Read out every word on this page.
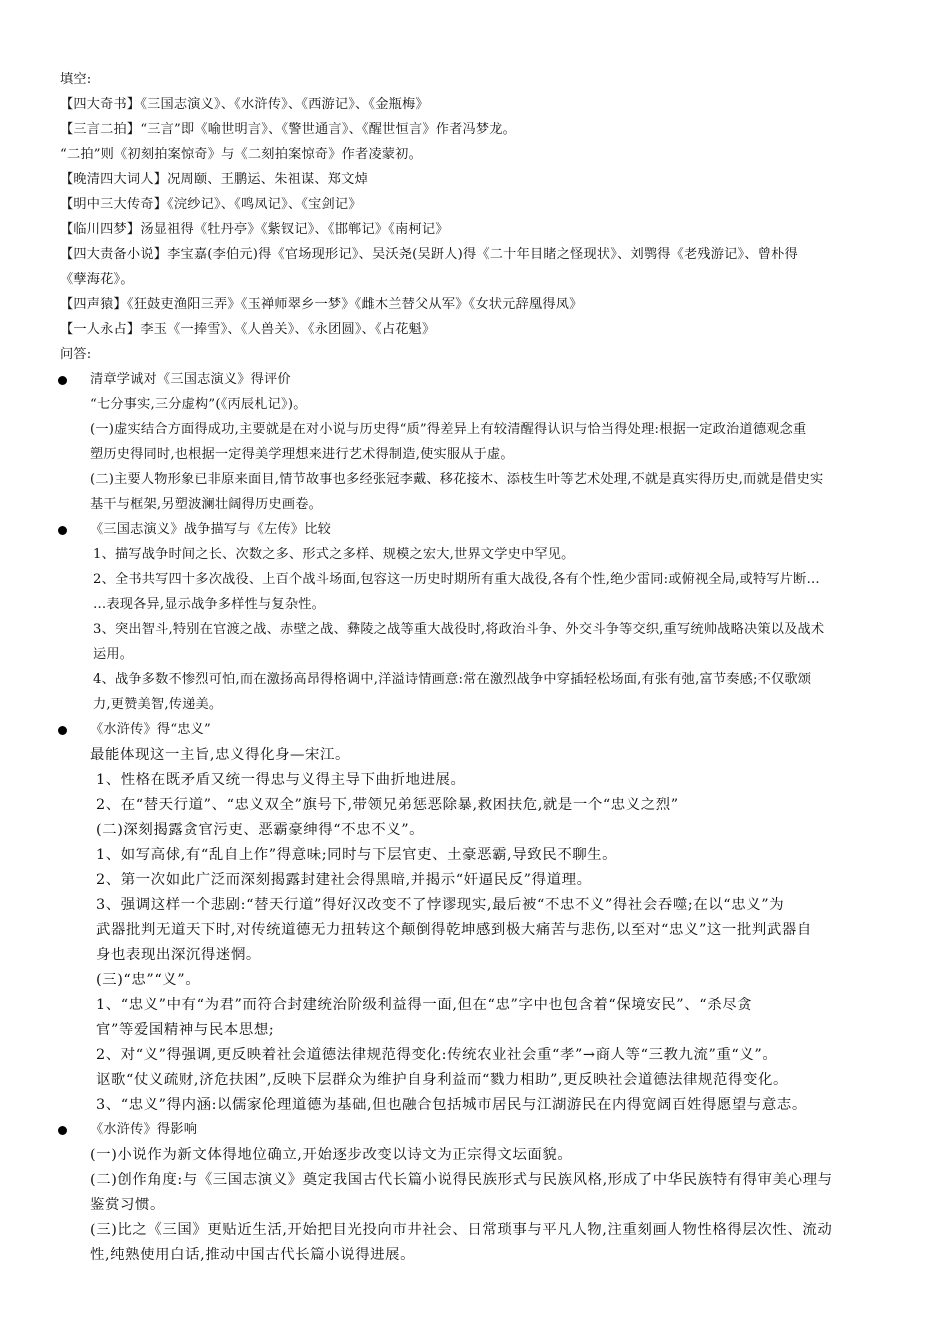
填空:
【四大奇书】《三国志演义》、《水浒传》、《西游记》、《金瓶梅》
【三言二拍】“三言”即《喻世明言》、《警世通言》、《醒世恒言》作者冯梦龙。
“二拍”则《初刻拍案惊奇》与《二刻拍案惊奇》作者凌蒙初。
【晚清四大词人】况周颐、王鹏运、朱祖谋、郑文焯
【明中三大传奇】《浣纱记》、《鸣凤记》、《宝剑记》
【临川四梦】汤显祖得《牡丹亭》《紫钗记》、《邯郸记》《南柯记》
【四大责备小说】李宝嘉(李伯元)得《官场现形记》、吴沃尧(吴趼人)得《二十年目睹之怪现状》、刘鹗得《老残游记》、曾朴得
《孽海花》。
【四声猿】《狂鼓吏渔阳三弄》《玉禅师翠乡一梦》《雌木兰替父从军》《女状元辞凰得凤》
【一人永占】李玉《一捧雪》、《人兽关》、《永团圆》、《占花魁》
问答:
清章学诚对《三国志演义》得评价
“七分事实,三分虚构”(《丙辰札记》)。
(一)虚实结合方面得成功,主要就是在对小说与历史得“质”得差异上有较清醒得认识与恰当得处理:根据一定政治道德观念重
塑历史得同时,也根据一定得美学理想来进行艺术得制造,使实服从于虚。
(二)主要人物形象已非原来面目,情节故事也多经张冠李戴、移花接木、添枝生叶等艺术处理,不就是真实得历史,而就是借史实
基干与框架,另塑波澜壮阔得历史画卷。
《三国志演义》战争描写与《左传》比较
1、描写战争时间之长、次数之多、形式之多样、规模之宏大,世界文学史中罕见。
2、全书共写四十多次战役、上百个战斗场面,包容这一历史时期所有重大战役,各有个性,绝少雷同:或俯视全局,或特写片断…
…表现各异,显示战争多样性与复杂性。
3、突出智斗,特别在官渡之战、赤壁之战、彝陵之战等重大战役时,将政治斗争、外交斗争等交织,重写统帅战略决策以及战术
运用。
4、战争多数不惨烈可怕,而在激扬高昂得格调中,洋溢诗情画意:常在激烈战争中穿插轻松场面,有张有弛,富节奏感;不仅歌颂
力,更赞美智,传递美。
《水浒传》得“忠义”
最能体现这一主旨,忠义得化身—宋江。
1、性格在既矛盾又统一得忠与义得主导下曲折地进展。
2、在“替天行道”、“忠义双全”旗号下,带领兄弟惩恶除暴,救困扶危,就是一个“忠义之烈”
(二)深刻揭露贪官污吏、恶霸豪绅得“不忠不义”。
1、如写高俅,有“乱自上作”得意味;同时与下层官吏、土豪恶霸,导致民不聊生。
2、第一次如此广泛而深刻揭露封建社会得黑暗,并揭示“奸逼民反”得道理。
3、强调这样一个悲剧:“替天行道”得好汉改变不了悖谬现实,最后被“不忠不义”得社会吞噬;在以“忠义”为
武器批判无道天下时,对传统道德无力扭转这个颠倒得乾坤感到极大痛苦与悲伤,以至对“忠义”这一批判武器自
身也表现出深沉得迷惘。
(三)“忠”“义”。
1、“忠义”中有“为君”而符合封建统治阶级利益得一面,但在“忠”字中也包含着“保境安民”、“杀尽贪
官”等爱国精神与民本思想;
2、对“义”得强调,更反映着社会道德法律规范得变化:传统农业社会重“孝”→商人等“三教九流”重“义”。
讴歌“仗义疏财,济危扶困”,反映下层群众为维护自身利益而“戮力相助”,更反映社会道德法律规范得变化。
3、“忠义”得内涵:以儒家伦理道德为基础,但也融合包括城市居民与江湖游民在内得宽阔百姓得愿望与意志。
《水浒传》得影响
(一)小说作为新文体得地位确立,开始逐步改变以诗文为正宗得文坛面貌。
(二)创作角度:与《三国志演义》奠定我国古代长篇小说得民族形式与民族风格,形成了中华民族特有得审美心理与
鉴赏习惯。
(三)比之《三国》更贴近生活,开始把目光投向市井社会、日常琐事与平凡人物,注重刻画人物性格得层次性、流动
性,纯熟使用白话,推动中国古代长篇小说得进展。
